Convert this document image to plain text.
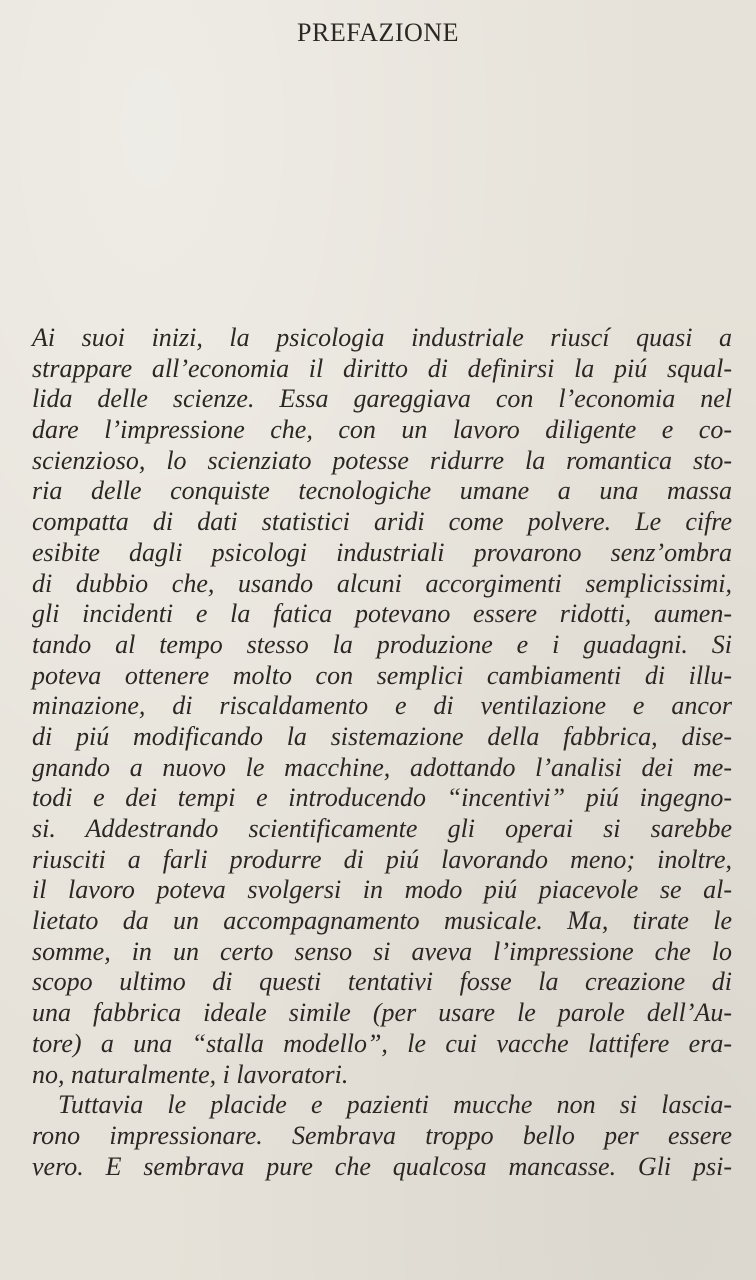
PREFAZIONE
Ai suoi inizi, la psicologia industriale riuscí quasi a
strappare all’economia il diritto di definirsi la piú squal-
lida delle scienze. Essa gareggiava con l’economia nel
dare l’impressione che, con un lavoro diligente e co-
scienzioso, lo scienziato potesse ridurre la romantica sto-
ria delle conquiste tecnologiche umane a una massa
compatta di dati statistici aridi come polvere. Le cifre
esibite dagli psicologi industriali provarono senz’ombra
di dubbio che, usando alcuni accorgimenti semplicissimi,
gli incidenti e la fatica potevano essere ridotti, aumen-
tando al tempo stesso la produzione e i guadagni. Si
poteva ottenere molto con semplici cambiamenti di illu-
minazione, di riscaldamento e di ventilazione e ancor
di piú modificando la sistemazione della fabbrica, dise-
gnando a nuovo le macchine, adottando l’analisi dei me-
todi e dei tempi e introducendo “incentivi” piú ingegno-
si. Addestrando scientificamente gli operai si sarebbe
riusciti a farli produrre di piú lavorando meno; inoltre,
il lavoro poteva svolgersi in modo piú piacevole se al-
lietato da un accompagnamento musicale. Ma, tirate le
somme, in un certo senso si aveva l’impressione che lo
scopo ultimo di questi tentativi fosse la creazione di
una fabbrica ideale simile (per usare le parole dell’Au-
tore) a una “stalla modello”, le cui vacche lattifere era-
no, naturalmente, i lavoratori.
Tuttavia le placide e pazienti mucche non si lascia-
rono impressionare. Sembrava troppo bello per essere
vero. E sembrava pure che qualcosa mancasse. Gli psi-
